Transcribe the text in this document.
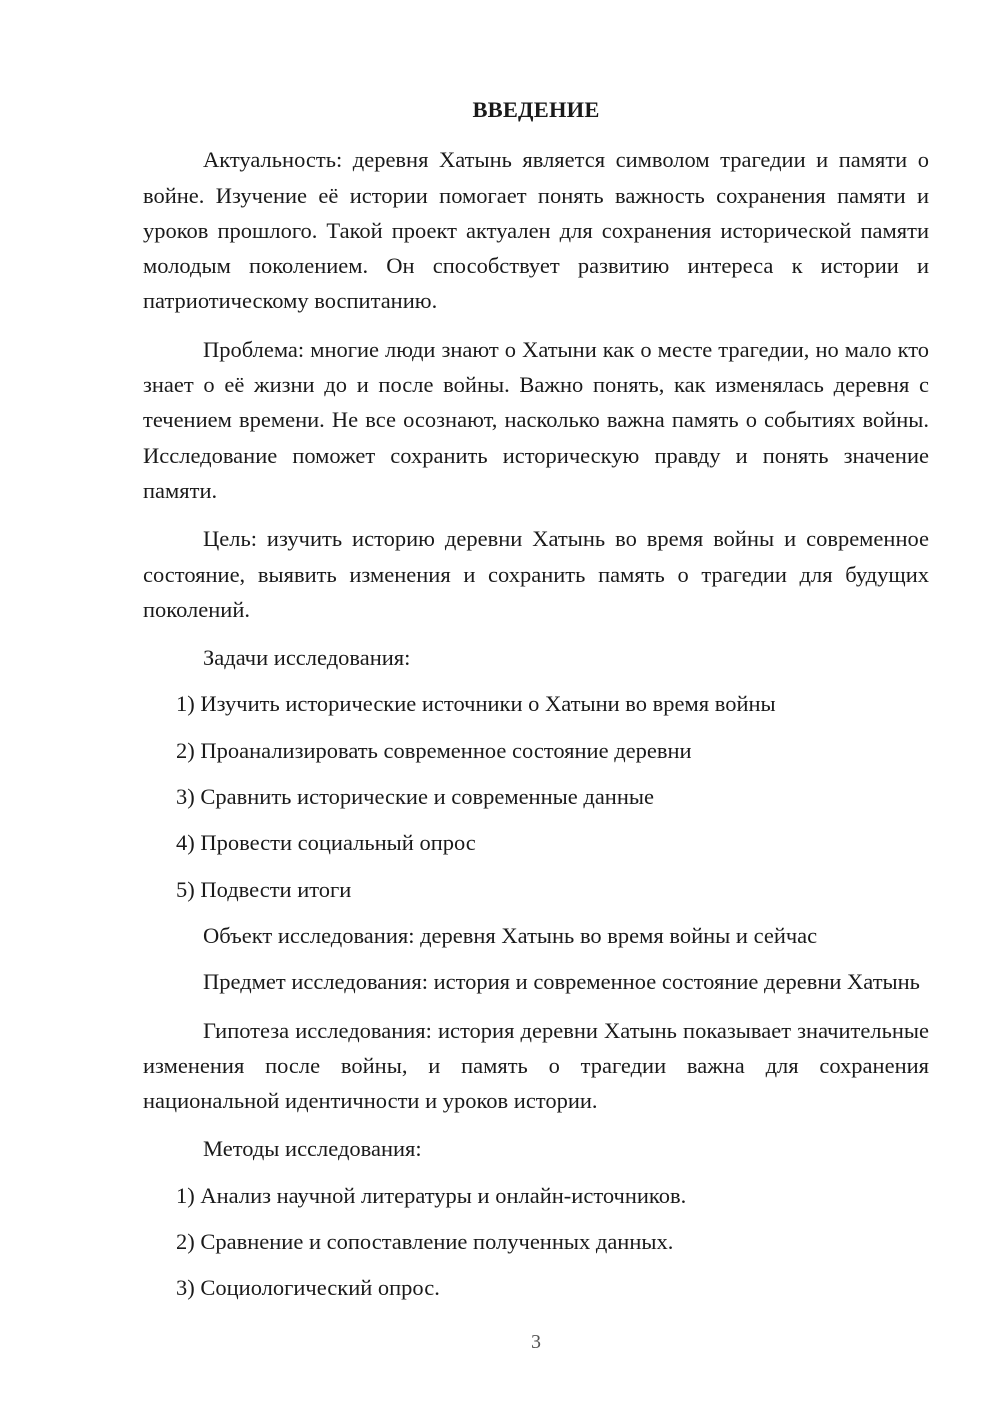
ВВЕДЕНИЕ

Актуальность: деревня Хатынь является символом трагедии и памяти о войне. Изучение её истории помогает понять важность сохранения памяти и уроков прошлого. Такой проект актуален для сохранения исторической памяти молодым поколением. Он способствует развитию интереса к истории и патриотическому воспитанию.

Проблема: многие люди знают о Хатыни как о месте трагедии, но мало кто знает о её жизни до и после войны. Важно понять, как изменялась деревня с течением времени. Не все осознают, насколько важна память о событиях войны. Исследование поможет сохранить историческую правду и понять значение памяти.

Цель: изучить историю деревни Хатынь во время войны и современное состояние, выявить изменения и сохранить память о трагедии для будущих поколений.

Задачи исследования:

1) Изучить исторические источники о Хатыни во время войны

2) Проанализировать современное состояние деревни

3) Сравнить исторические и современные данные

4) Провести социальный опрос

5) Подвести итоги

Объект исследования: деревня Хатынь во время войны и сейчас

Предмет исследования: история и современное состояние деревни Хатынь

Гипотеза исследования: история деревни Хатынь показывает значительные изменения после войны, и память о трагедии важна для сохранения национальной идентичности и уроков истории.

Методы исследования:

1) Анализ научной литературы и онлайн-источников.

2) Сравнение и сопоставление полученных данных.

3) Социологический опрос.

3
